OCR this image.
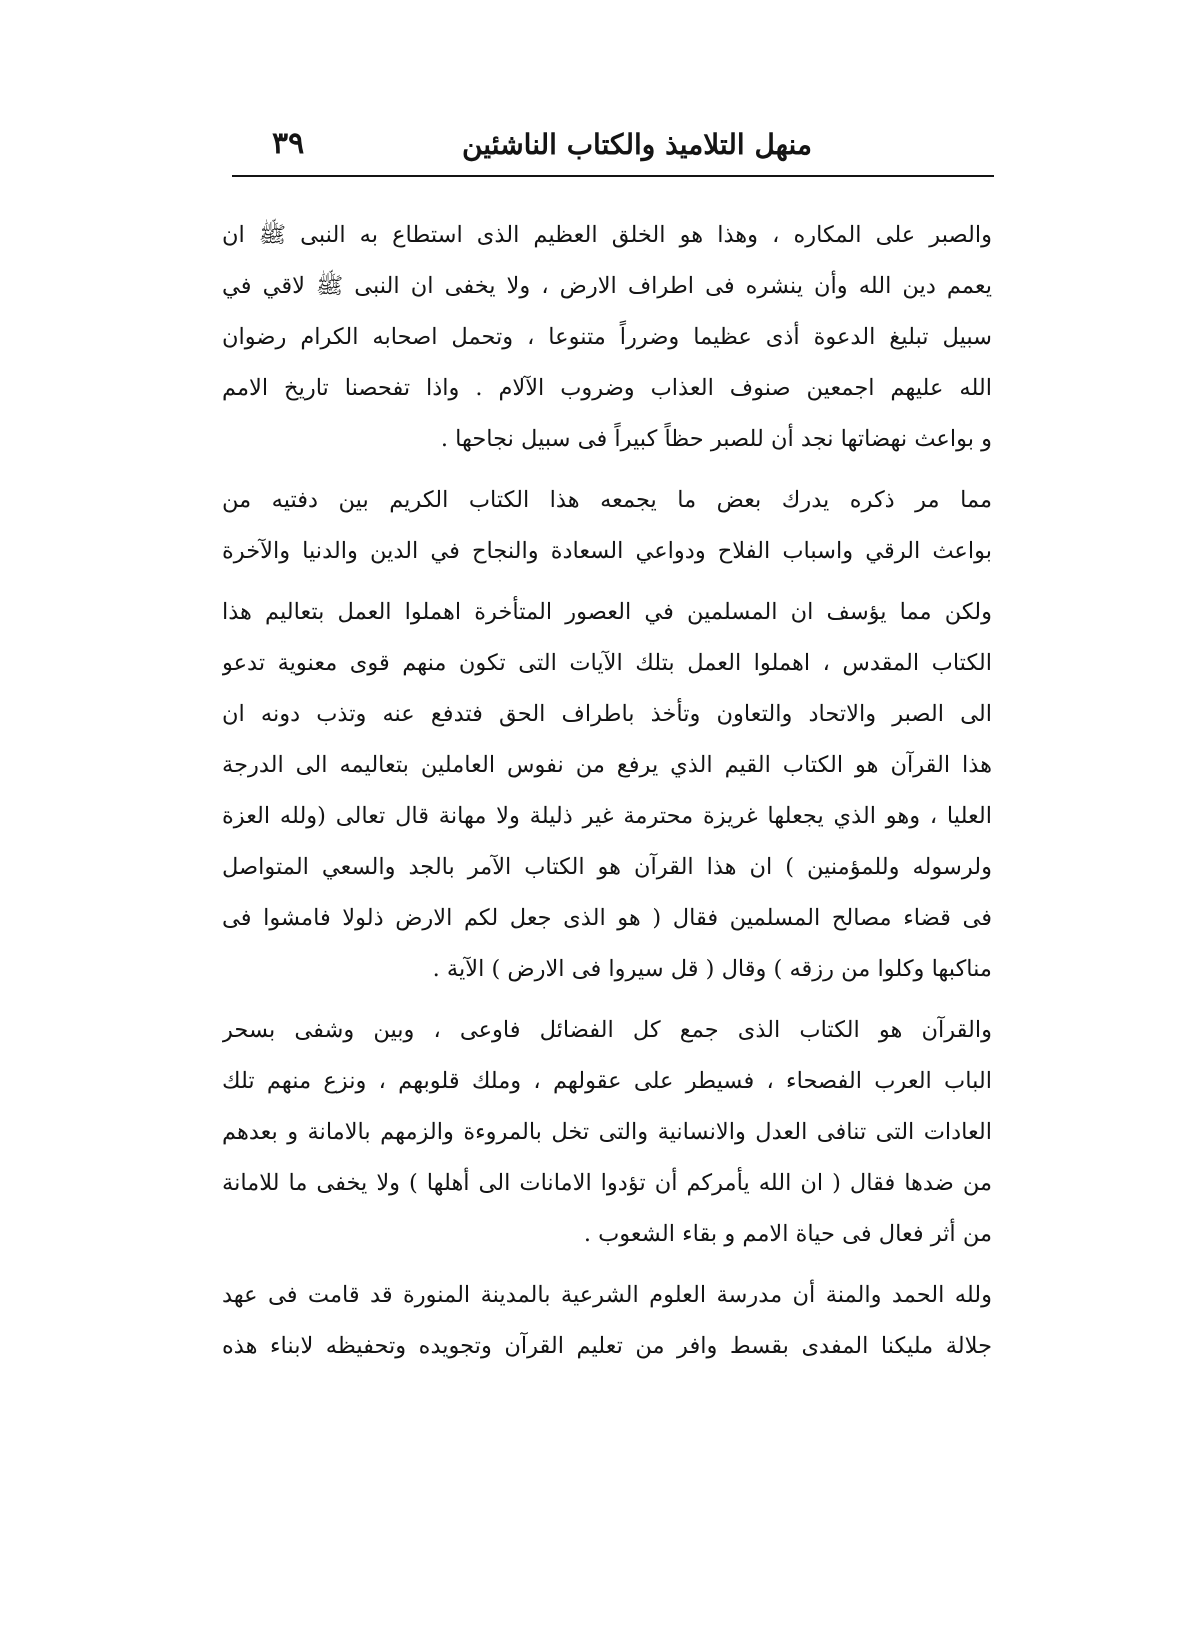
منهل التلاميذ والكتاب الناشئين
٣٩
والصبر على المكاره ، وهذا هو الخلق العظيم الذى استطاع به النبى ﷺ ان
يعمم دين الله وأن ينشره فى اطراف الارض ، ولا يخفى ان النبى ﷺ لاقي في
سبيل تبليغ الدعوة أذى عظيما وضرراً متنوعا ، وتحمل اصحابه الكرام رضوان
الله عليهم اجمعين صنوف العذاب وضروب الآلام . واذا تفحصنا تاريخ الامم
و بواعث نهضاتها نجد أن للصبر حظاً كبيراً فى سبيل نجاحها .
مما مر ذكره يدرك بعض ما يجمعه هذا الكتاب الكريم بين دفتيه من
بواعث الرقي واسباب الفلاح ودواعي السعادة والنجاح في الدين والدنيا والآخرة
ولكن مما يؤسف ان المسلمين في العصور المتأخرة اهملوا العمل بتعاليم هذا
الكتاب المقدس ، اهملوا العمل بتلك الآيات التى تكون منهم قوى معنوية تدعو
الى الصبر والاتحاد والتعاون وتأخذ باطراف الحق فتدفع عنه وتذب دونه ان
هذا القرآن هو الكتاب القيم الذي يرفع من نفوس العاملين بتعاليمه الى الدرجة
العليا ، وهو الذي يجعلها غريزة محترمة غير ذليلة ولا مهانة قال تعالى (ولله العزة
ولرسوله وللمؤمنين ) ان هذا القرآن هو الكتاب الآمر بالجد والسعي المتواصل
فى قضاء مصالح المسلمين فقال ( هو الذى جعل لكم الارض ذلولا فامشوا فى
مناكبها وكلوا من رزقه ) وقال ( قل سيروا فى الارض ) الآية .
والقرآن هو الكتاب الذى جمع كل الفضائل فاوعى ، وبين وشفى بسحر
الباب العرب الفصحاء ، فسيطر على عقولهم ، وملك قلوبهم ، ونزع منهم تلك
العادات التى تنافى العدل والانسانية والتى تخل بالمروءة والزمهم بالامانة و بعدهم
من ضدها فقال ( ان الله يأمركم أن تؤدوا الامانات الى أهلها ) ولا يخفى ما للامانة
من أثر فعال فى حياة الامم و بقاء الشعوب .
ولله الحمد والمنة أن مدرسة العلوم الشرعية بالمدينة المنورة قد قامت فى عهد
جلالة مليكنا المفدى بقسط وافر من تعليم القرآن وتجويده وتحفيظه لابناء هذه
